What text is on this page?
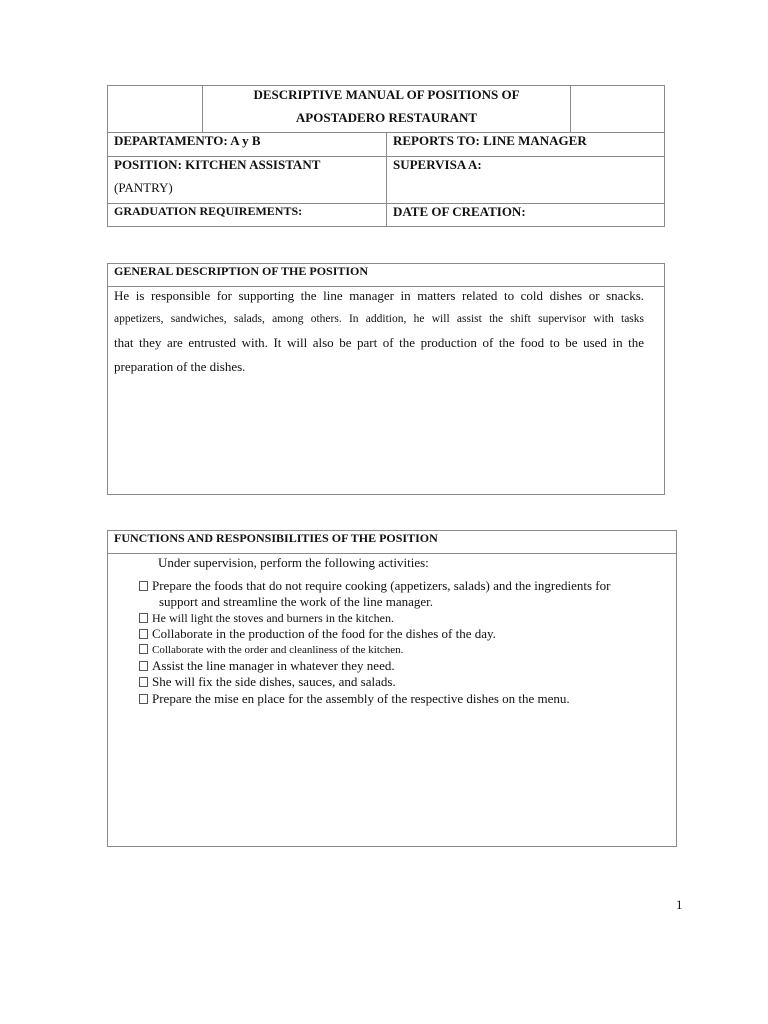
DESCRIPTIVE MANUAL OF POSITIONS OF
APOSTADERO RESTAURANT
DEPARTAMENTO: A y B	REPORTS TO: LINE MANAGER
POSITION: KITCHEN ASSISTANT
(PANTRY)
SUPERVISA A:
GRADUATION REQUIREMENTS:	DATE OF CREATION:
GENERAL DESCRIPTION OF THE POSITION
He is responsible for supporting the line manager in matters related to cold dishes or snacks.
appetizers, sandwiches, salads, among others. In addition, he will assist the shift supervisor with tasks
that they are entrusted with. It will also be part of the production of the food to be used in the
preparation of the dishes.
FUNCTIONS AND RESPONSIBILITIES OF THE POSITION
Under supervision, perform the following activities:
Prepare the foods that do not require cooking (appetizers, salads) and the ingredients for
support and streamline the work of the line manager.
He will light the stoves and burners in the kitchen.
Collaborate in the production of the food for the dishes of the day.
Collaborate with the order and cleanliness of the kitchen.
Assist the line manager in whatever they need.
She will fix the side dishes, sauces, and salads.
Prepare the mise en place for the assembly of the respective dishes on the menu.
1
